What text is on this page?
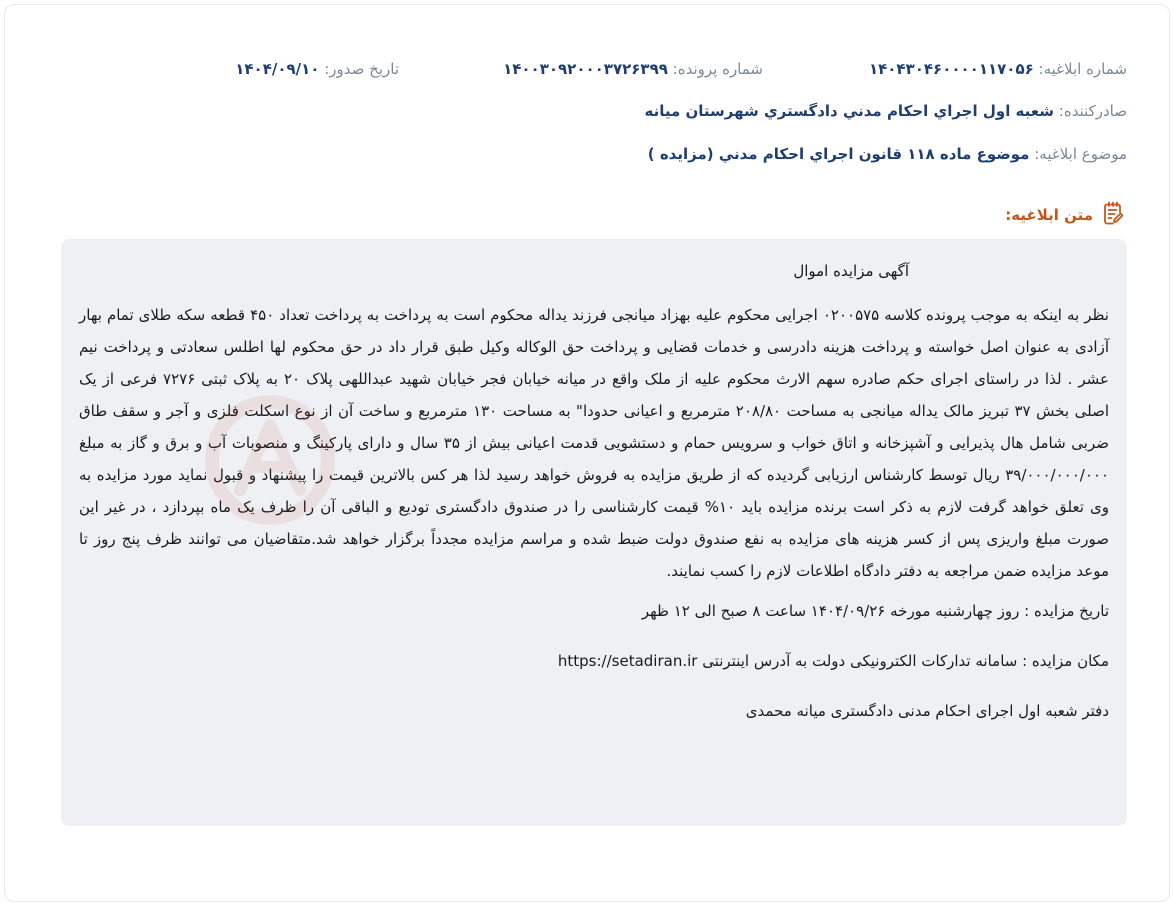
شماره ابلاغیه: ۱۴۰۴۳۰۴۶۰۰۰۰۱۱۷۰۵۶
شماره پرونده: ۱۴۰۰۳۰۹۲۰۰۰۳۷۲۶۳۹۹
تاریخ صدور: ۱۴۰۴/۰۹/۱۰
صادرکننده: شعبه اول اجراي احکام مدني دادگستري شهرستان ميانه
موضوع ابلاغیه: موضوع ماده ۱۱۸ قانون اجراي احکام مدني (مزايده )
متن ابلاغیه:
آگهی مزایده اموال

نظر به اینکه به موجب پرونده کلاسه ۰۲۰۰۵۷۵ اجرایی محکوم علیه بهزاد میانجی فرزند یداله محکوم است به پرداخت به پرداخت تعداد ۴۵۰ قطعه سکه طلای تمام بهار آزادی به عنوان اصل خواسته و پرداخت هزینه دادرسی و خدمات قضایی و پرداخت حق الوکاله وکیل طبق قرار داد در حق محکوم لها اطلس سعادتی و پرداخت نیم عشر . لذا در راستای اجرای حکم صادره سهم الارث محکوم علیه از ملک واقع در میانه خیابان فجر خیابان شهید عبداللهی پلاک ۲۰ به پلاک ثبتی ۷۲۷۶ فرعی از یک اصلی بخش ۳۷ تبریز مالک یداله میانجی به مساحت ۲۰۸/۸۰ مترمربع و اعیانی حدودا" به مساحت ۱۳۰ مترمربع و ساخت آن از نوع اسکلت فلزی و آجر و سقف طاق ضربی شامل هال پذیرایی و آشپزخانه و اتاق خواب و سرویس حمام و دستشویی قدمت اعیانی بیش از ۳۵ سال و دارای پارکینگ و منصوبات آب و برق و گاز به مبلغ ۳۹/۰۰۰/۰۰۰/۰۰۰ ریال توسط کارشناس ارزیابی گردیده که از طریق مزایده به فروش خواهد رسید لذا هر کس بالاترین قیمت را پیشنهاد و قبول نماید مورد مزایده به وی تعلق خواهد گرفت لازم به ذکر است برنده مزایده باید ۱۰% قیمت کارشناسی را در صندوق دادگستری تودیع و الباقی آن را ظرف یک ماه بپردازد ، در غیر این صورت مبلغ واریزی پس از کسر هزینه های مزایده به نفع صندوق دولت ضبط شده و مراسم مزایده مجدداً برگزار خواهد شد.متقاضیان می توانند ظرف پنج روز تا موعد مزایده ضمن مراجعه به دفتر دادگاه اطلاعات لازم را کسب نمایند.

تاریخ مزایده : روز چهارشنبه مورخه ۱۴۰۴/۰۹/۲۶ ساعت ۸ صبح الی ۱۲ ظهر
مکان مزایده : سامانه تدارکات الکترونیکی دولت به آدرس اینترنتی https://setadiran.ir
دفتر شعبه اول اجرای احکام مدنی دادگستری میانه محمدی
